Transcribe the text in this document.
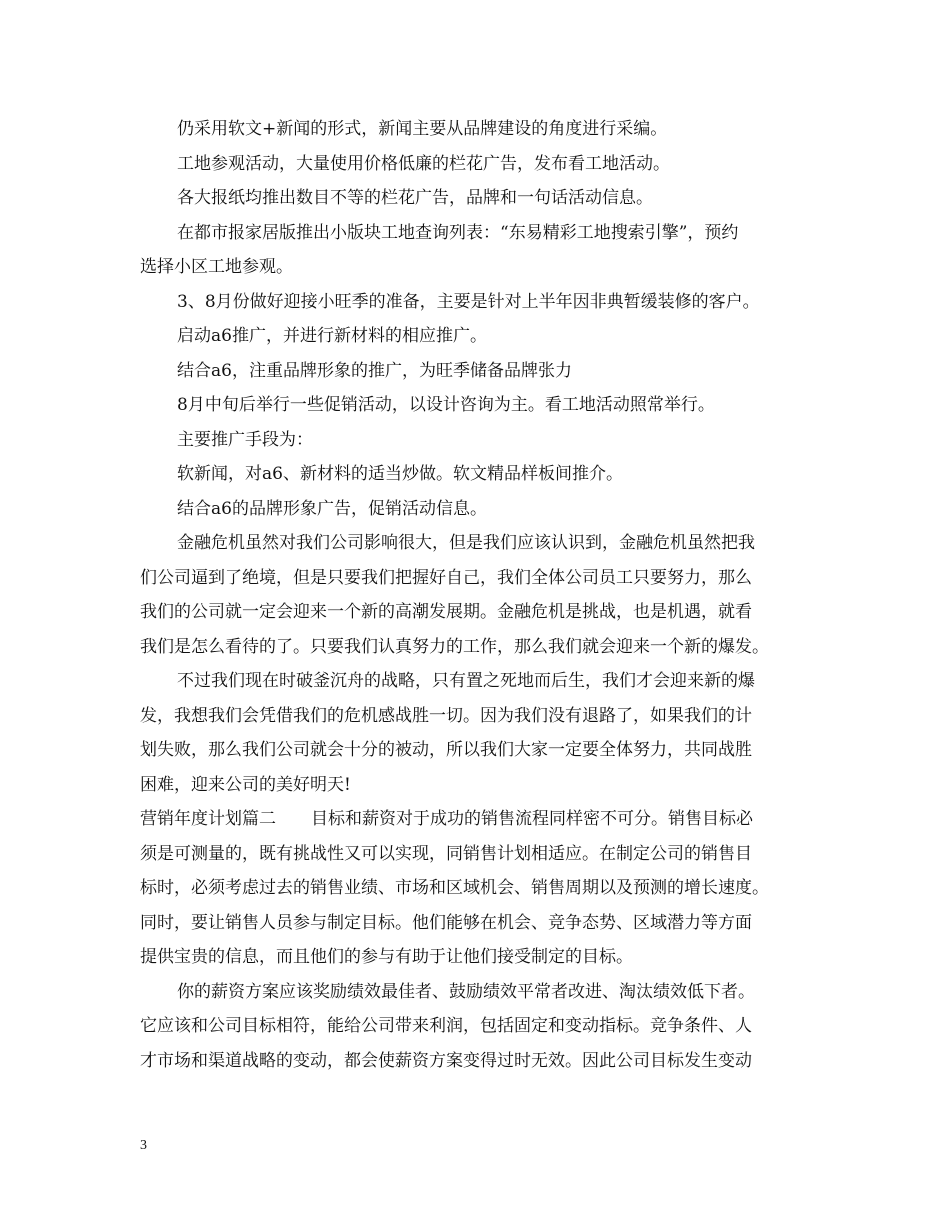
仍采用软文+新闻的形式，新闻主要从品牌建设的角度进行采编。
工地参观活动，大量使用价格低廉的栏花广告，发布看工地活动。
各大报纸均推出数目不等的栏花广告，品牌和一句话活动信息。
在都市报家居版推出小版块工地查询列表：“东易精彩工地搜索引擎”，预约
选择小区工地参观。
3、8月份做好迎接小旺季的准备，主要是针对上半年因非典暂缓装修的客户。
启动a6推广，并进行新材料的相应推广。
结合a6，注重品牌形象的推广，为旺季储备品牌张力
8月中旬后举行一些促销活动，以设计咨询为主。看工地活动照常举行。
主要推广手段为：
软新闻，对a6、新材料的适当炒做。软文精品样板间推介。
结合a6的品牌形象广告，促销活动信息。
金融危机虽然对我们公司影响很大，但是我们应该认识到，金融危机虽然把我
们公司逼到了绝境，但是只要我们把握好自己，我们全体公司员工只要努力，那么
我们的公司就一定会迎来一个新的高潮发展期。金融危机是挑战，也是机遇，就看
我们是怎么看待的了。只要我们认真努力的工作，那么我们就会迎来一个新的爆发。
不过我们现在时破釜沉舟的战略，只有置之死地而后生，我们才会迎来新的爆
发，我想我们会凭借我们的危机感战胜一切。因为我们没有退路了，如果我们的计
划失败，那么我们公司就会十分的被动，所以我们大家一定要全体努力，共同战胜
困难，迎来公司的美好明天!
营销年度计划篇二 目标和薪资对于成功的销售流程同样密不可分。销售目标必
须是可测量的，既有挑战性又可以实现，同销售计划相适应。在制定公司的销售目
标时，必须考虑过去的销售业绩、市场和区域机会、销售周期以及预测的增长速度。
同时，要让销售人员参与制定目标。他们能够在机会、竞争态势、区域潜力等方面
提供宝贵的信息，而且他们的参与有助于让他们接受制定的目标。
你的薪资方案应该奖励绩效最佳者、鼓励绩效平常者改进、淘汰绩效低下者。
它应该和公司目标相符，能给公司带来利润，包括固定和变动指标。竞争条件、人
才市场和渠道战略的变动，都会使薪资方案变得过时无效。因此公司目标发生变动
3
